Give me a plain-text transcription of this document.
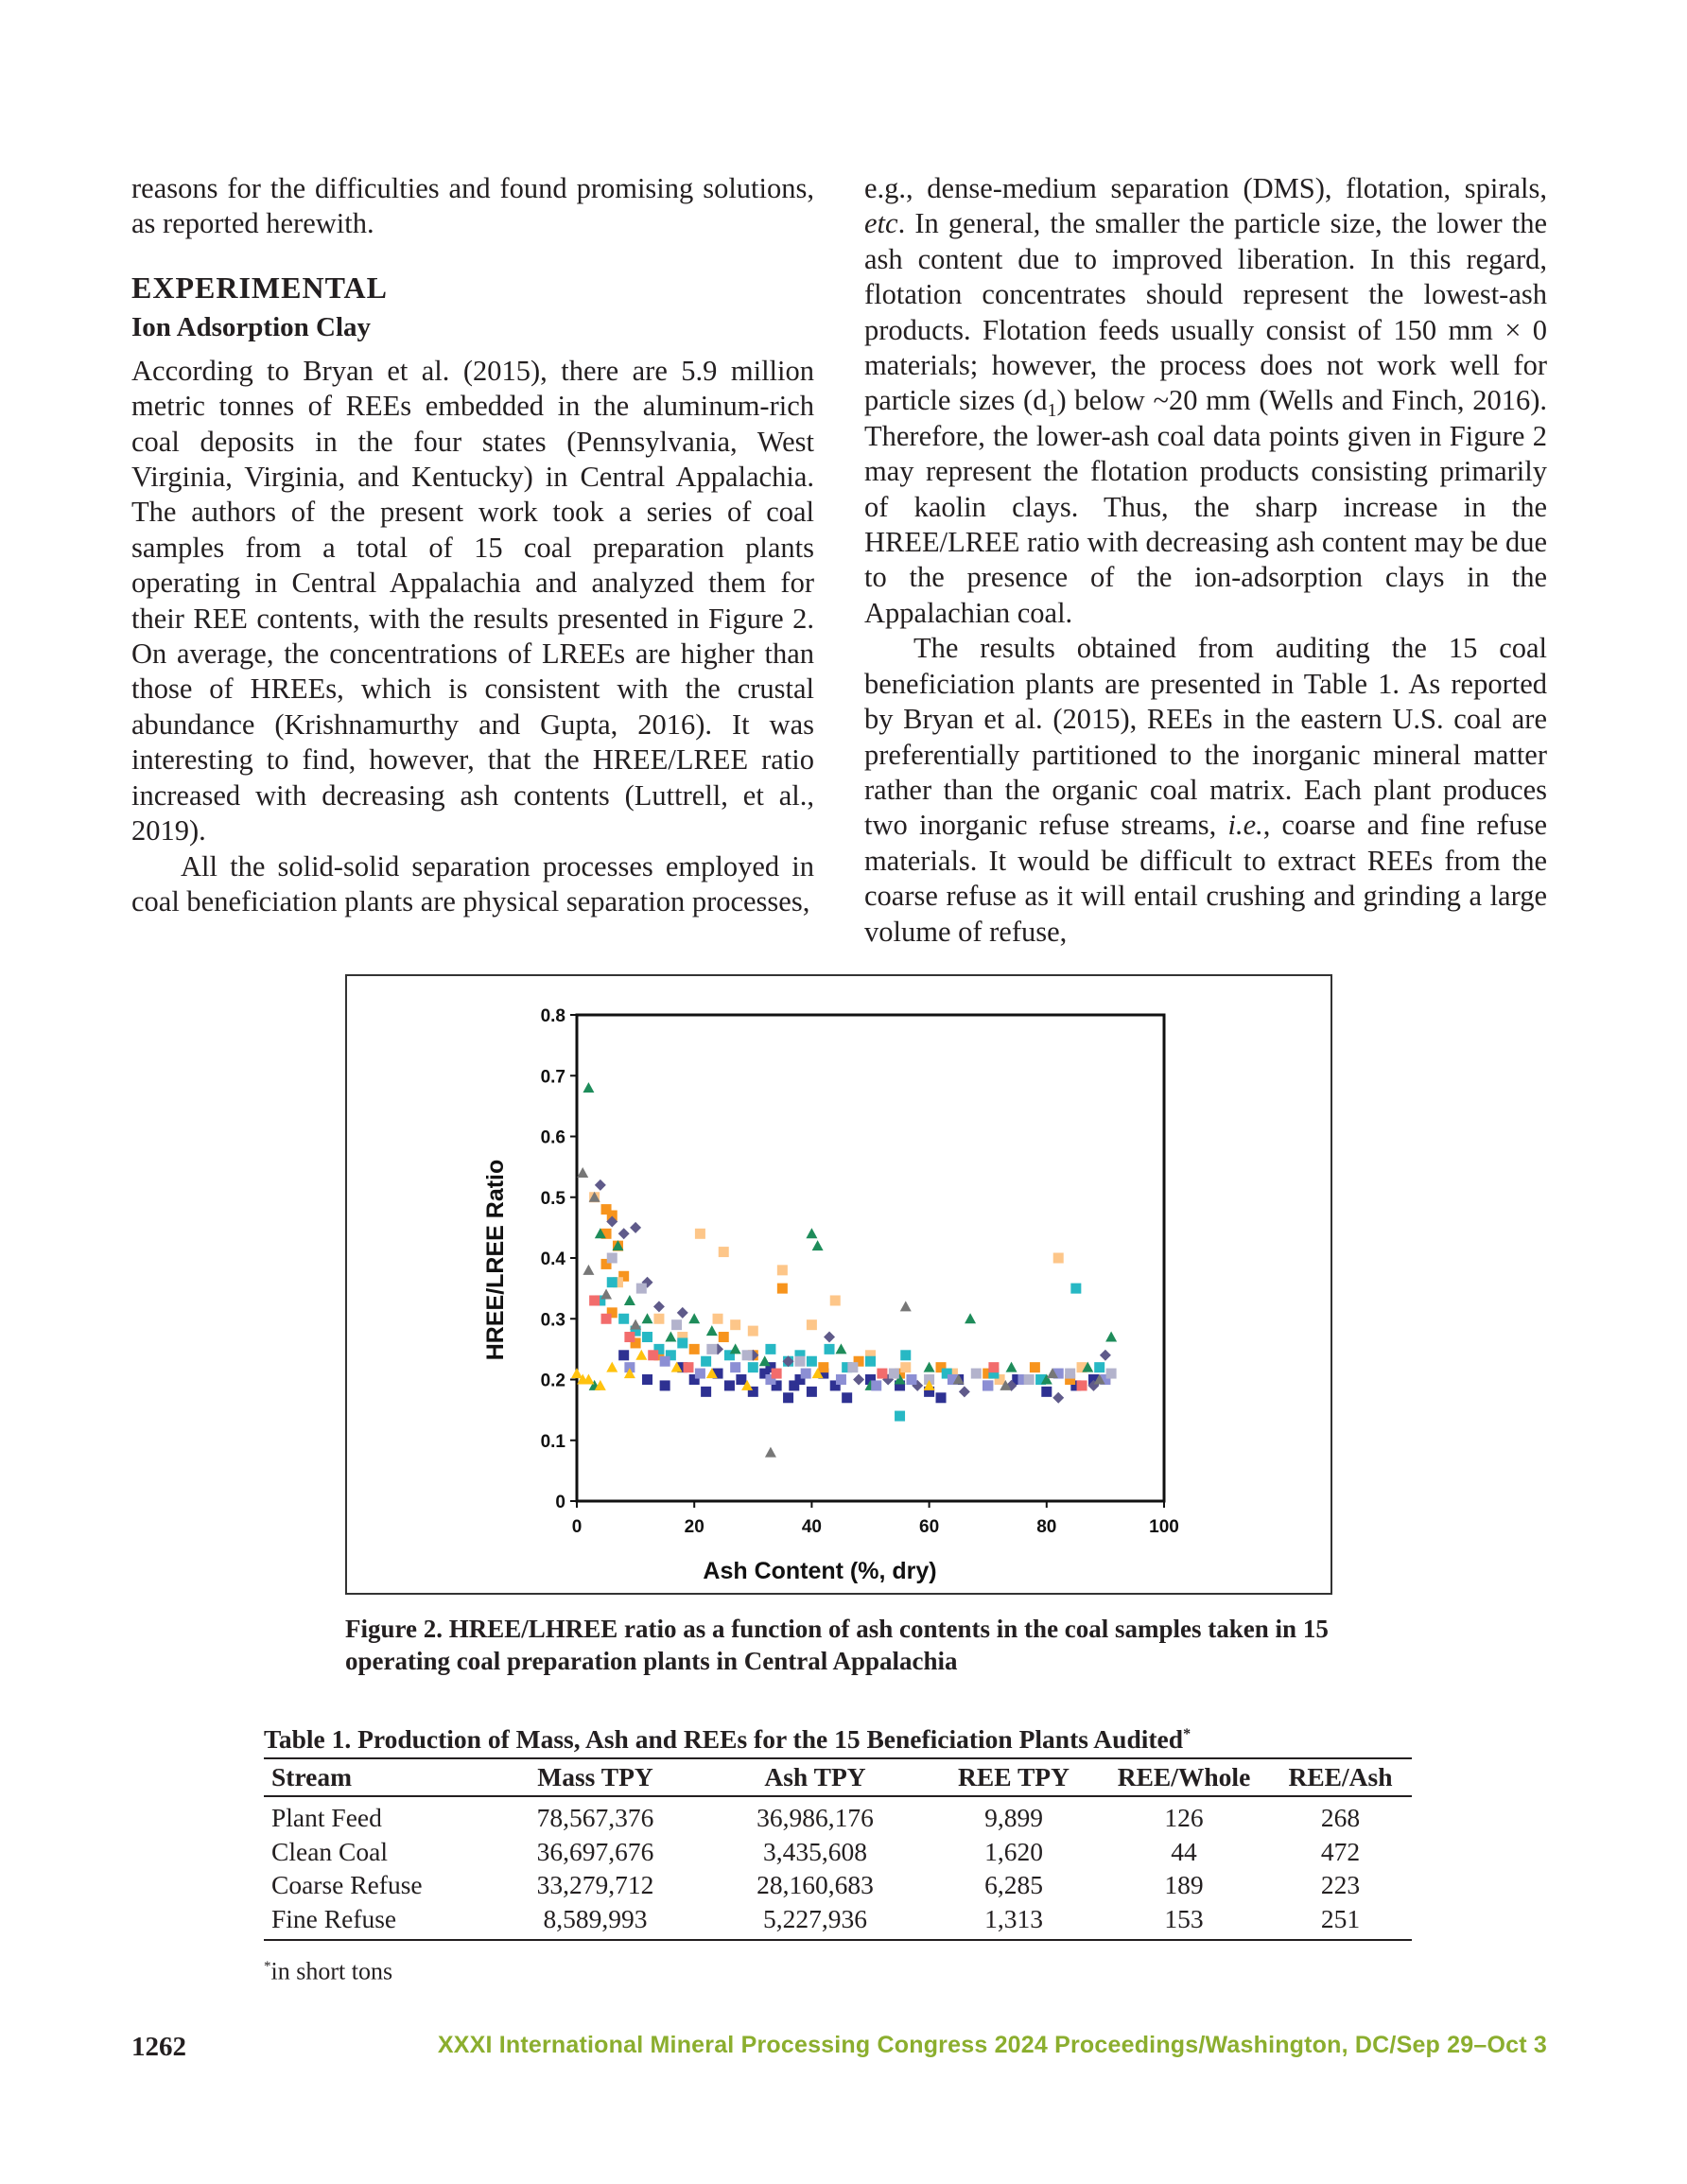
reasons for the difficulties and found promising solutions, as reported herewith.

EXPERIMENTAL
Ion Adsorption Clay

According to Bryan et al. (2015), there are 5.9 million metric tonnes of REEs embedded in the aluminum-rich coal deposits in the four states (Pennsylvania, West Virginia, Virginia, and Kentucky) in Central Appalachia. The authors of the present work took a series of coal samples from a total of 15 coal preparation plants operating in Central Appalachia and analyzed them for their REE contents, with the results presented in Figure 2. On average, the concentrations of LREEs are higher than those of HREEs, which is consistent with the crustal abundance (Krishnamurthy and Gupta, 2016). It was interesting to find, however, that the HREE/LREE ratio increased with decreasing ash contents (Luttrell, et al., 2019).

All the solid-solid separation processes employed in coal beneficiation plants are physical separation processes,

e.g., dense-medium separation (DMS), flotation, spirals, etc. In general, the smaller the particle size, the lower the ash content due to improved liberation. In this regard, flotation concentrates should represent the lowest-ash products. Flotation feeds usually consist of 150 mm × 0 materials; however, the process does not work well for particle sizes $(d_1)$ below ~20 mm (Wells and Finch, 2016). Therefore, the lower-ash coal data points given in Figure 2 may represent the flotation products consisting primarily of kaolin clays. Thus, the sharp increase in the HREE/LREE ratio with decreasing ash content may be due to the presence of the ion-adsorption clays in the Appalachian coal.

The results obtained from auditing the 15 coal beneficiation plants are presented in Table 1. As reported by Bryan et al. (2015), REEs in the eastern U.S. coal are preferentially partitioned to the inorganic mineral matter rather than the organic coal matrix. Each plant produces two inorganic refuse streams, i.e., coarse and fine refuse materials. It would be difficult to extract REEs from the coarse refuse as it will entail crushing and grinding a large volume of refuse,

0
0.1
0.2
0.3
0.4
0.5
0.6
0.7
0.8
0	20	40	60	80	100
Ash Content (%, dry)
HREE/LREE Ratio
Figure 2. HREE/LHREE ratio as a function of ash contents in the coal samples taken in 15 operating coal preparation plants in Central Appalachia
Table 1. Production of Mass, Ash and REEs for the 15 Beneficiation Plants Audited*
Stream	Mass TPY	Ash TPY	REE TPY	REE/Whole	REE/Ash
Plant Feed	78,567,376	36,986,176	9,899	126	268
Clean Coal	36,697,676	3,435,608	1,620	44	472
Coarse Refuse	33,279,712	28,160,683	6,285	189	223
Fine Refuse	8,589,993	5,227,936	1,313	153	251
*in short tons
1262	XXXI International Mineral Processing Congress 2024 Proceedings/Washington, DC/Sep 29–Oct 3
